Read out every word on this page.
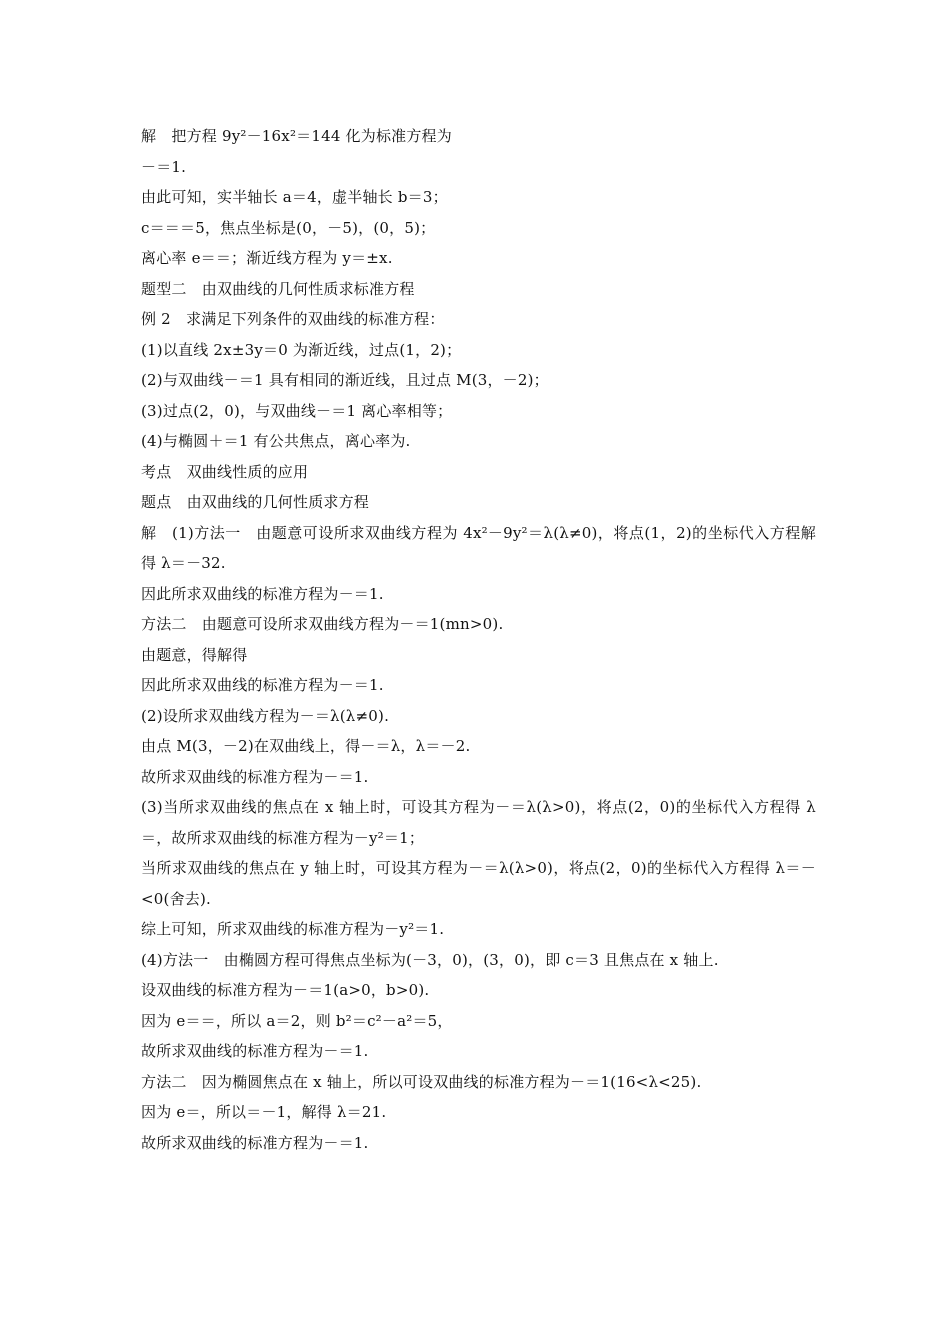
解　把方程 9y²－16x²＝144 化为标准方程为
－＝1.
由此可知，实半轴长 a＝4，虚半轴长 b＝3；
c＝＝＝5，焦点坐标是(0，－5)，(0，5)；
离心率 e＝＝；渐近线方程为 y＝±x.
题型二　由双曲线的几何性质求标准方程
例 2　求满足下列条件的双曲线的标准方程：
(1)以直线 2x±3y＝0 为渐近线，过点(1，2)；
(2)与双曲线－＝1 具有相同的渐近线，且过点 M(3，－2)；
(3)过点(2，0)，与双曲线－＝1 离心率相等；
(4)与椭圆＋＝1 有公共焦点，离心率为.
考点　双曲线性质的应用
题点　由双曲线的几何性质求方程
解　(1)方法一　由题意可设所求双曲线方程为 4x²－9y²＝λ(λ≠0)，将点(1，2)的坐标代入方程解得 λ＝－32.
因此所求双曲线的标准方程为－＝1.
方法二　由题意可设所求双曲线方程为－＝1(mn>0).
由题意，得解得
因此所求双曲线的标准方程为－＝1.
(2)设所求双曲线方程为－＝λ(λ≠0).
由点 M(3，－2)在双曲线上，得－＝λ，λ＝－2.
故所求双曲线的标准方程为－＝1.
(3)当所求双曲线的焦点在 x 轴上时，可设其方程为－＝λ(λ>0)，将点(2，0)的坐标代入方程得 λ＝，故所求双曲线的标准方程为－y²＝1；
当所求双曲线的焦点在 y 轴上时，可设其方程为－＝λ(λ>0)，将点(2，0)的坐标代入方程得 λ＝－<0(舍去).
综上可知，所求双曲线的标准方程为－y²＝1.
(4)方法一　由椭圆方程可得焦点坐标为(－3，0)，(3，0)，即 c＝3 且焦点在 x 轴上.
设双曲线的标准方程为－＝1(a>0，b>0).
因为 e＝＝，所以 a＝2，则 b²＝c²－a²＝5，
故所求双曲线的标准方程为－＝1.
方法二　因为椭圆焦点在 x 轴上，所以可设双曲线的标准方程为－＝1(16<λ<25).
因为 e＝，所以＝－1，解得 λ＝21.
故所求双曲线的标准方程为－＝1.
